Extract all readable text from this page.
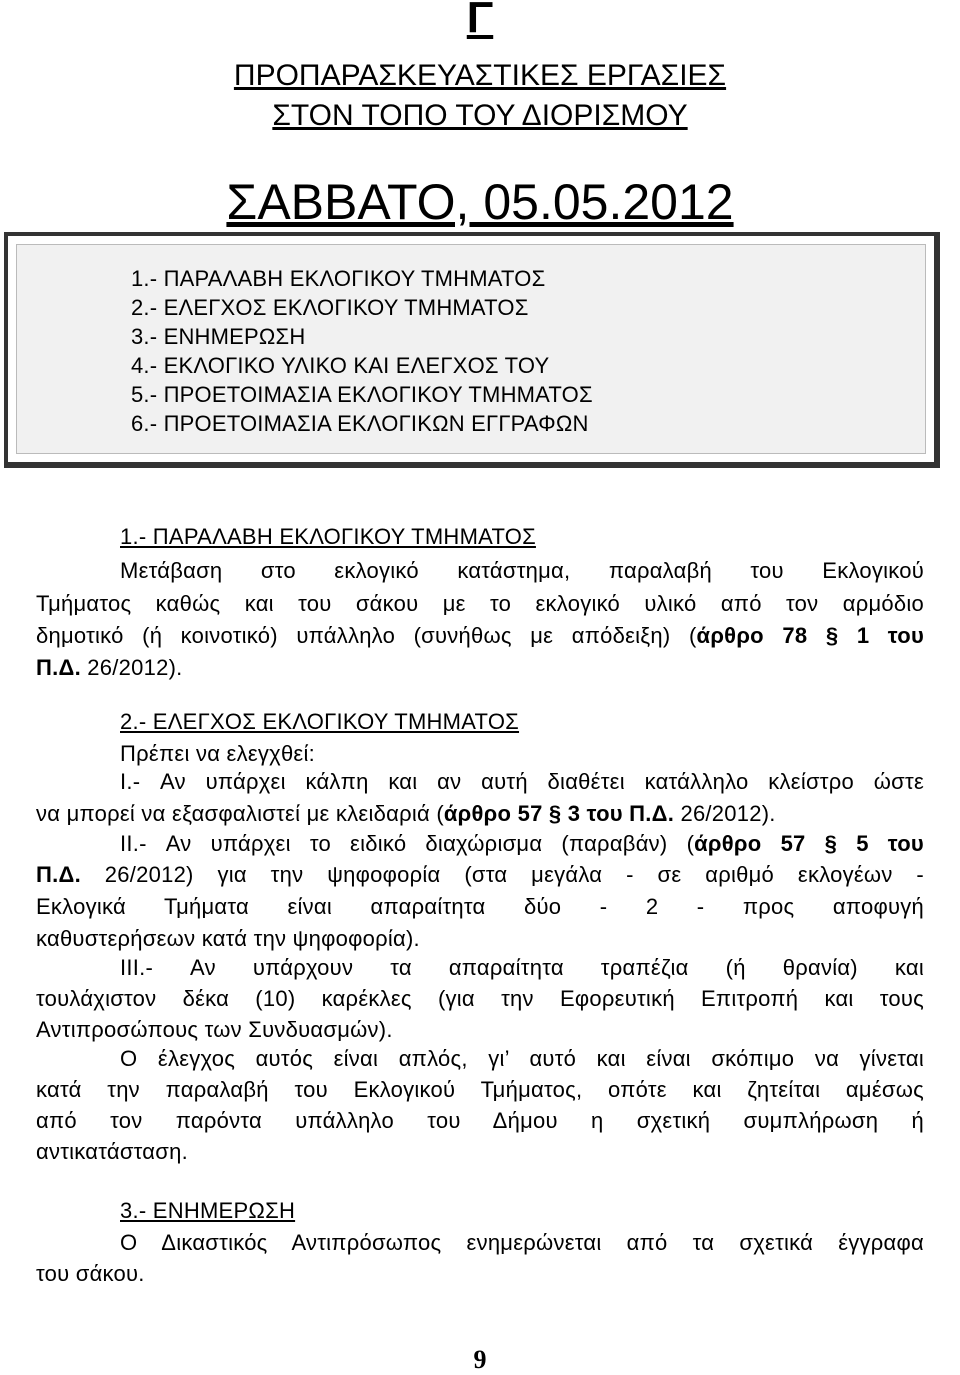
Γ
ΠΡΟΠΑΡΑΣΚΕΥΑΣΤΙΚΕΣ ΕΡΓΑΣΙΕΣ
ΣΤΟΝ ΤΟΠΟ ΤΟΥ ΔΙΟΡΙΣΜΟΥ
ΣΑΒΒΑΤΟ, 05.05.2012
1.- ΠΑΡΑΛΑΒΗ ΕΚΛΟΓΙΚΟΥ ΤΜΗΜΑΤΟΣ
2.- ΕΛΕΓΧΟΣ ΕΚΛΟΓΙΚΟΥ ΤΜΗΜΑΤΟΣ
3.- ΕΝΗΜΕΡΩΣΗ
4.- ΕΚΛΟΓΙΚΟ ΥΛΙΚΟ ΚΑΙ ΕΛΕΓΧΟΣ ΤΟΥ
5.- ΠΡΟΕΤΟΙΜΑΣΙΑ ΕΚΛΟΓΙΚΟΥ ΤΜΗΜΑΤΟΣ
6.- ΠΡΟΕΤΟΙΜΑΣΙΑ ΕΚΛΟΓΙΚΩΝ ΕΓΓΡΑΦΩΝ
1.- ΠΑΡΑΛΑΒΗ ΕΚΛΟΓΙΚΟΥ ΤΜΗΜΑΤΟΣ
Μετάβαση στο εκλογικό κατάστημα, παραλαβή του Εκλογικού
Τμήματος καθώς και του σάκου με το εκλογικό υλικό από τον αρμόδιο
δημοτικό (ή κοινοτικό) υπάλληλο (συνήθως με απόδειξη) (άρθρο 78 § 1 του
Π.Δ. 26/2012).
2.- ΕΛΕΓΧΟΣ ΕΚΛΟΓΙΚΟΥ ΤΜΗΜΑΤΟΣ
Πρέπει να ελεγχθεί:
I.- Αν υπάρχει κάλπη και αν αυτή διαθέτει κατάλληλο κλείστρο ώστε
να μπορεί να εξασφαλιστεί με κλειδαριά (άρθρο 57 § 3 του Π.Δ. 26/2012).
II.- Αν υπάρχει το ειδικό διαχώρισμα (παραβάν) (άρθρο 57 § 5 του
Π.Δ. 26/2012) για την ψηφοφορία (στα μεγάλα - σε αριθμό εκλογέων -
Εκλογικά Τμήματα είναι απαραίτητα δύο - 2 - προς αποφυγή
καθυστερήσεων κατά την ψηφοφορία).
III.- Αν υπάρχουν τα απαραίτητα τραπέζια (ή θρανία) και
τουλάχιστον δέκα (10) καρέκλες (για την Εφορευτική Επιτροπή και τους
Αντιπροσώπους των Συνδυασμών).
Ο έλεγχος αυτός είναι απλός, γι’ αυτό και είναι σκόπιμο να γίνεται
κατά την παραλαβή του Εκλογικού Τμήματος, οπότε και ζητείται αμέσως
από τον παρόντα υπάλληλο του Δήμου η σχετική συμπλήρωση ή
αντικατάσταση.
3.- ΕΝΗΜΕΡΩΣΗ
Ο Δικαστικός Αντιπρόσωπος ενημερώνεται από τα σχετικά έγγραφα
του σάκου.
9
